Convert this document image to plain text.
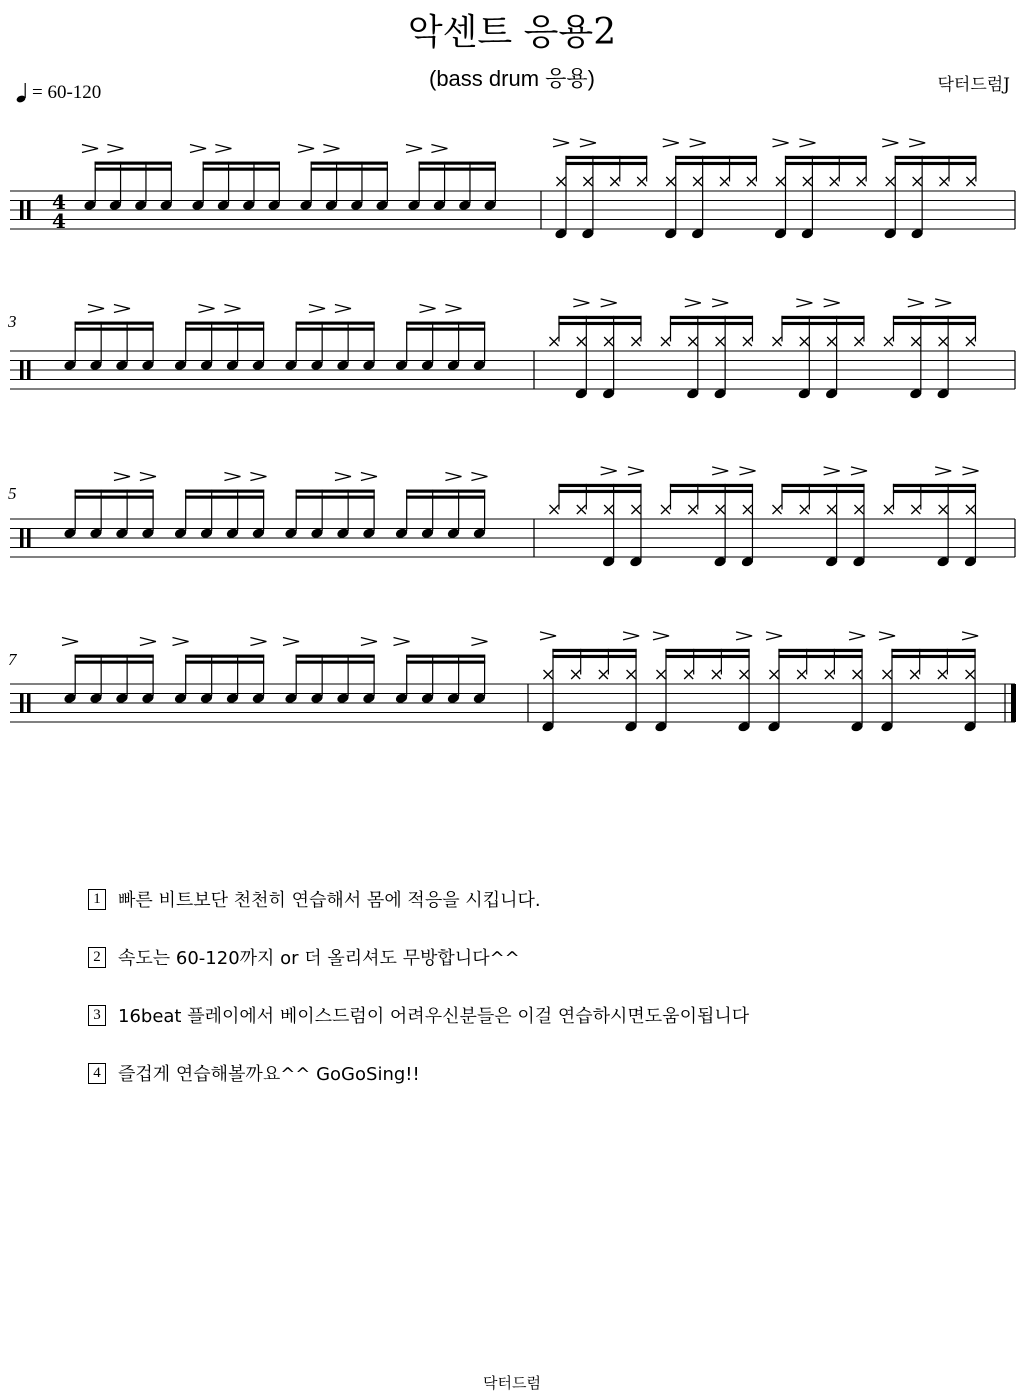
악센트 응용2
(bass drum 응용)	닥터드럼J
= 60-120
3
5
7
4
4
1 빠른 비트보단 천천히 연습해서 몸에 적응을 시킵니다.
2 속도는 60-120까지 or 더 올리셔도 무방합니다^^
3 16beat 플레이에서 베이스드럼이 어려우신분들은 이걸 연습하시면도움이됩니다
4 즐겁게 연습해볼까요^^ GoGoSing!!
닥터드럼
